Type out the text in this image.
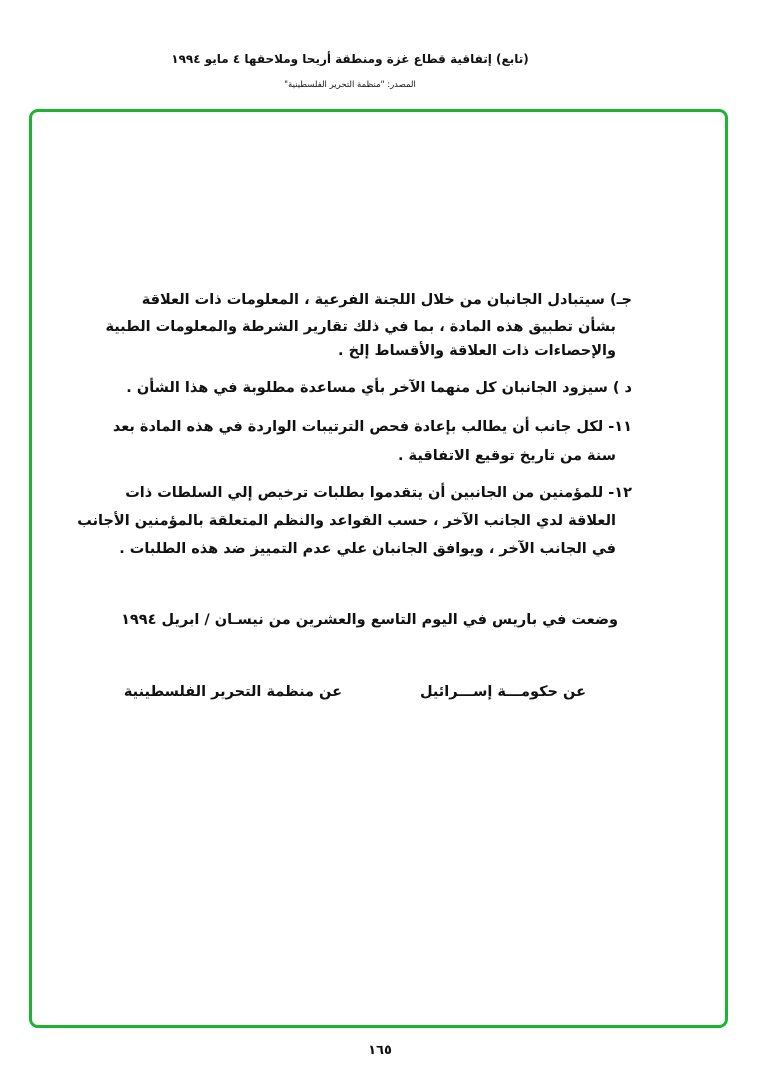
(تابع) إتفاقية قطاع غزة ومنطقة أريحا وملاحقها ٤ مايو ١٩٩٤
المصدر: "منظمة التحرير الفلسطينية"
جـ) سيتبادل الجانبان من خلال اللجنة الفرعية ، المعلومات ذات العلاقة
بشأن تطبيق هذه المادة ، بما في ذلك تقارير الشرطة والمعلومات الطبية
والإحصاءات ذات العلاقة والأقساط إلخ .
د ) سيزود الجانبان كل منهما الآخر بأي مساعدة مطلوبة في هذا الشأن .
١١- لكل جانب أن يطالب بإعادة فحص الترتيبات الواردة في هذه المادة بعد
سنة من تاريخ توقيع الاتفاقية .
١٢- للمؤمنين من الجانبين أن يتقدموا بطلبات ترخيص إلي السلطات ذات
العلاقة لدي الجانب الآخر ، حسب القواعد والنظم المتعلقة بالمؤمنين الأجانب
في الجانب الآخر ، ويوافق الجانبان علي عدم التمييز ضد هذه الطلبات .
وضعت في باريس في اليوم التاسع والعشرين من نيسـان / ابريل ١٩٩٤
عن حكومـــة إســـرائيل
عن منظمة التحرير الفلسطينية
١٦٥
